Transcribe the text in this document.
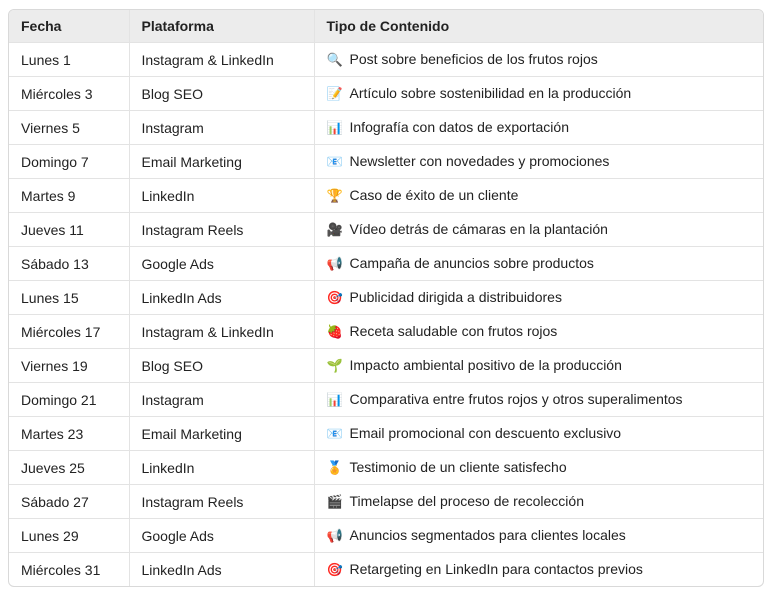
Fecha	Plataforma	Tipo de Contenido
Lunes 1	Instagram & LinkedIn	🔍 Post sobre beneficios de los frutos rojos
Miércoles 3	Blog SEO	📝 Artículo sobre sostenibilidad en la producción
Viernes 5	Instagram	📊 Infografía con datos de exportación
Domingo 7	Email Marketing	📧 Newsletter con novedades y promociones
Martes 9	LinkedIn	🏆 Caso de éxito de un cliente
Jueves 11	Instagram Reels	🎥 Vídeo detrás de cámaras en la plantación
Sábado 13	Google Ads	📢 Campaña de anuncios sobre productos
Lunes 15	LinkedIn Ads	🎯 Publicidad dirigida a distribuidores
Miércoles 17	Instagram & LinkedIn	🍓 Receta saludable con frutos rojos
Viernes 19	Blog SEO	🌱 Impacto ambiental positivo de la producción
Domingo 21	Instagram	📊 Comparativa entre frutos rojos y otros superalimentos
Martes 23	Email Marketing	📧 Email promocional con descuento exclusivo
Jueves 25	LinkedIn	🏅 Testimonio de un cliente satisfecho
Sábado 27	Instagram Reels	🎬 Timelapse del proceso de recolección
Lunes 29	Google Ads	📢 Anuncios segmentados para clientes locales
Miércoles 31	LinkedIn Ads	🎯 Retargeting en LinkedIn para contactos previos
